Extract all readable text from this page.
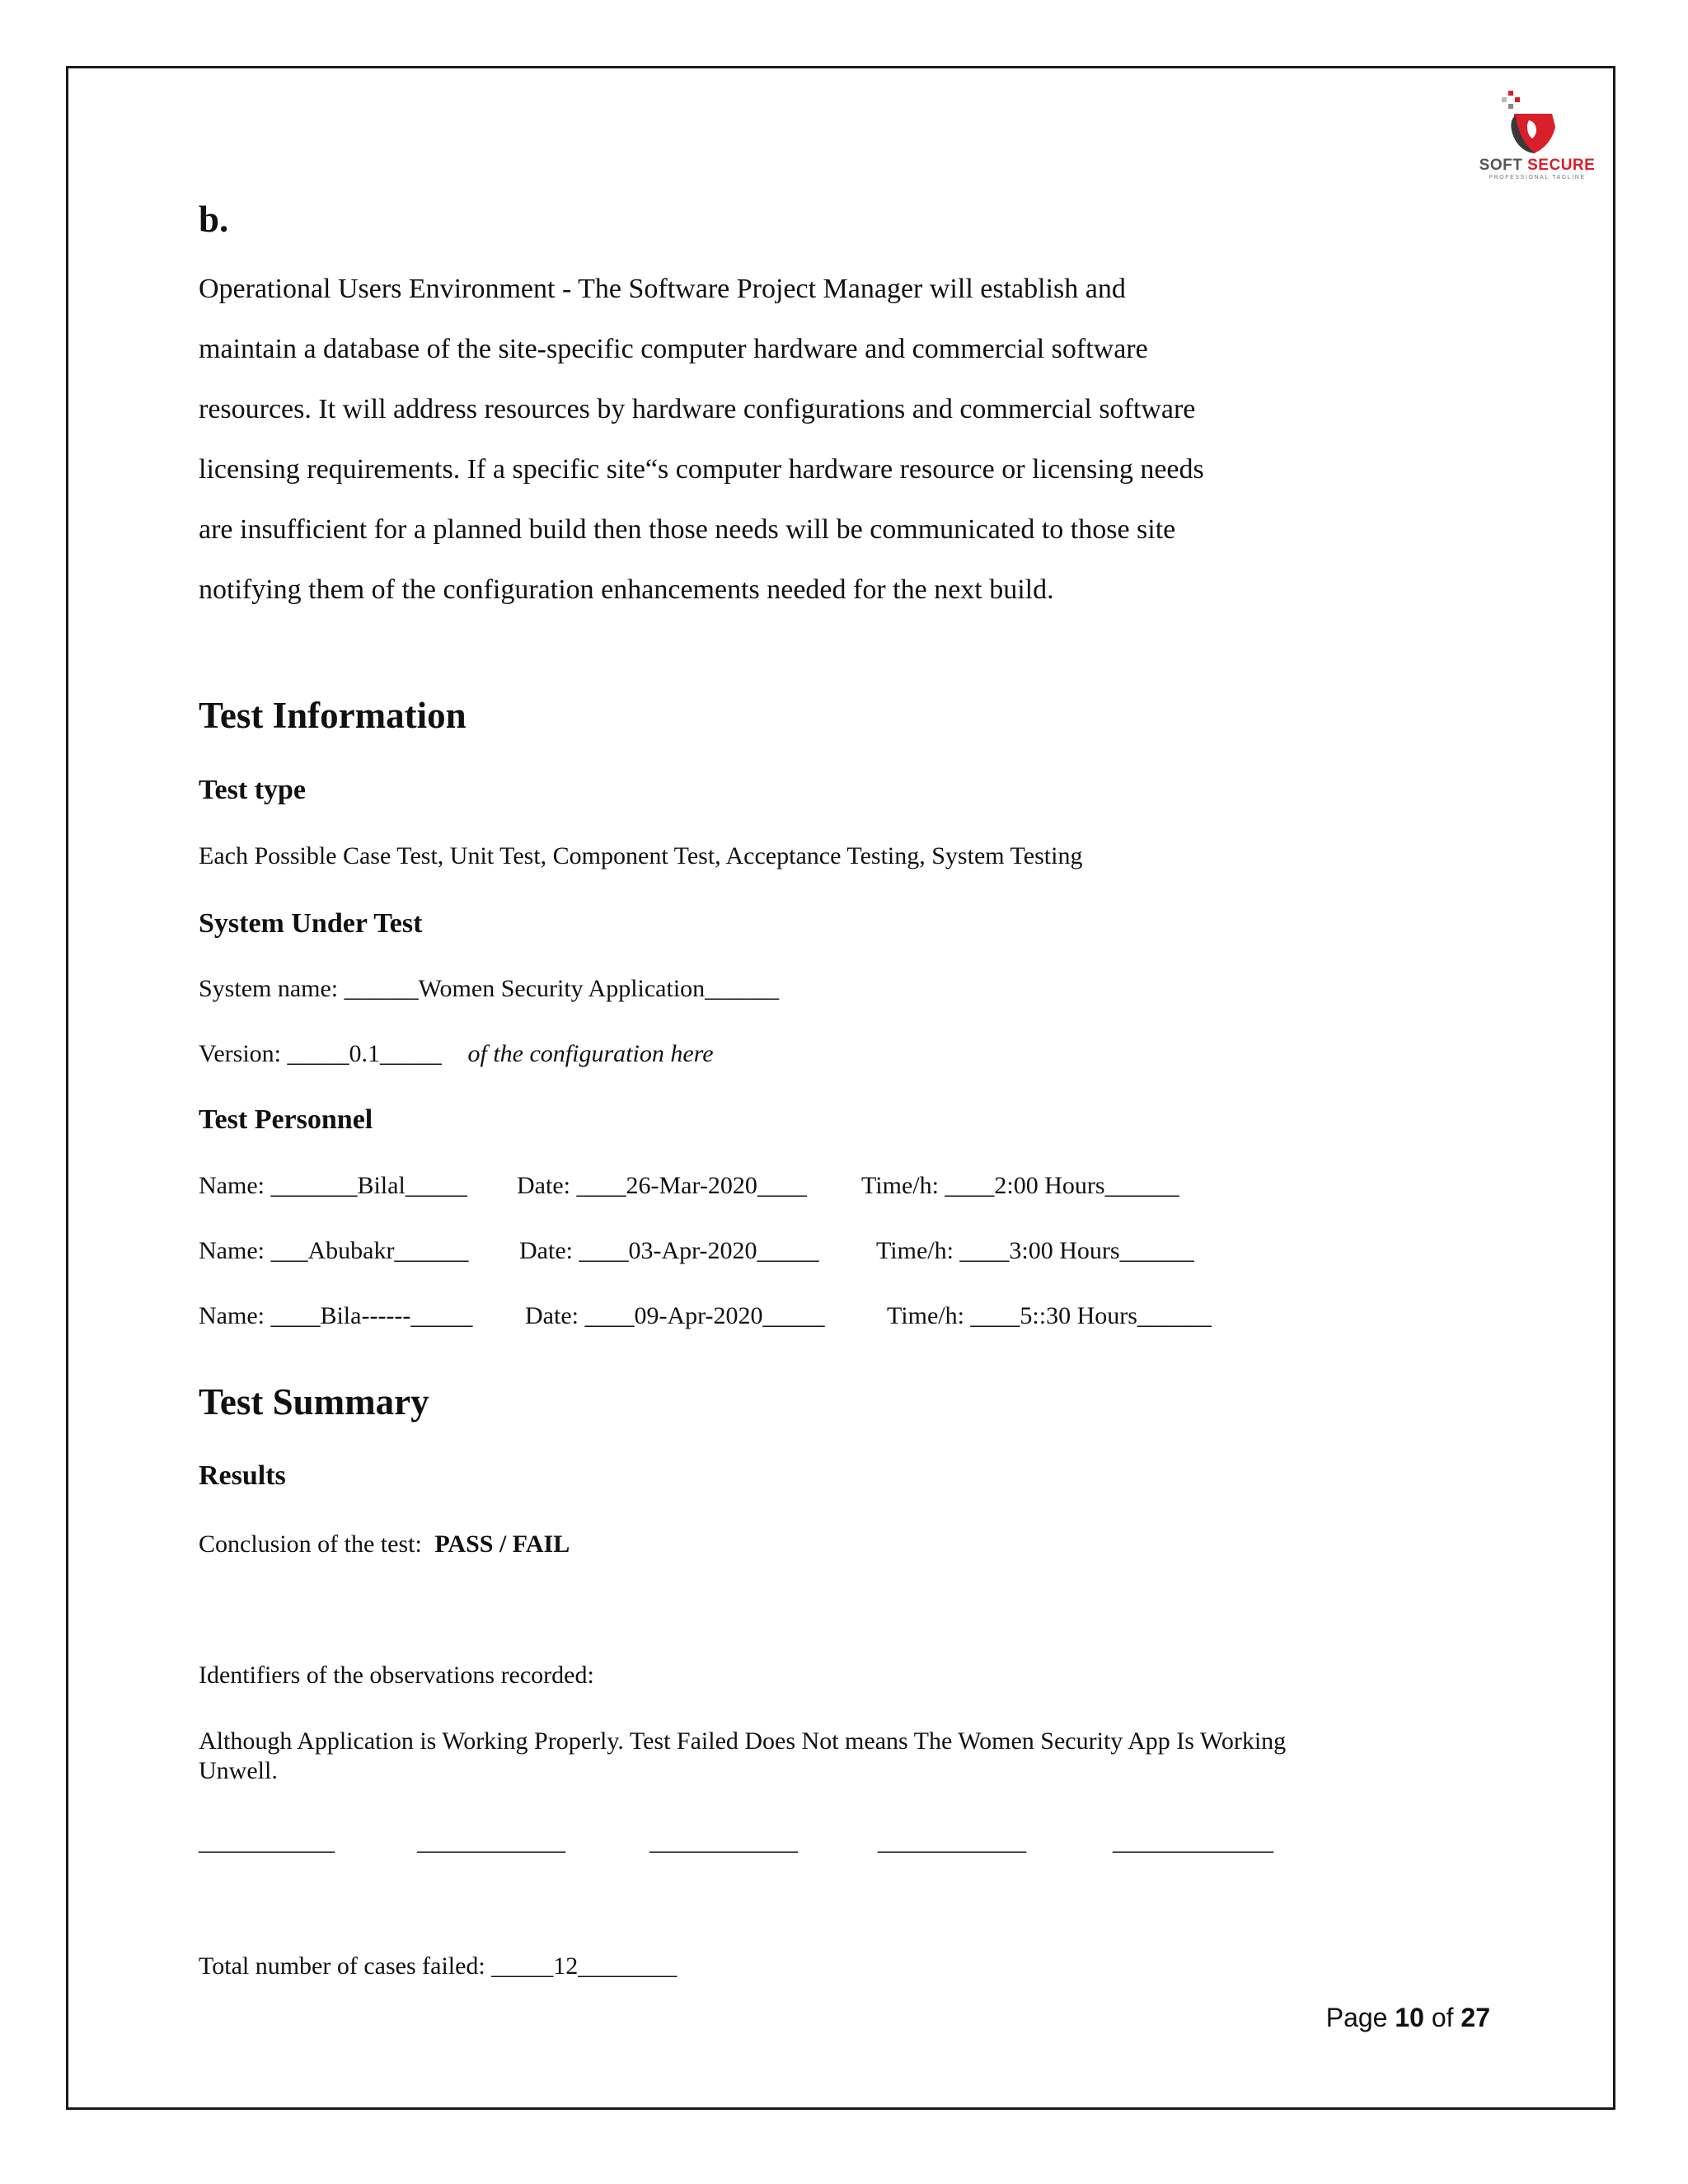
SOFT SECURE
PROFESSIONAL TAGLINE
b.
Operational Users Environment - The Software Project Manager will establish and
maintain a database of the site-specific computer hardware and commercial software
resources. It will address resources by hardware configurations and commercial software
licensing requirements. If a specific site“s computer hardware resource or licensing needs
are insufficient for a planned build then those needs will be communicated to those site
notifying them of the configuration enhancements needed for the next build.
Test Information
Test type
Each Possible Case Test, Unit Test, Component Test, Acceptance Testing, System Testing
System Under Test
System name: ______Women Security Application______
Version: _____0.1_____ of the configuration here
Test Personnel
Name: _______Bilal_____ Date: ____26-Mar-2020____ Time/h: ____2:00 Hours______
Name: ___Abubakr______ Date: ____03-Apr-2020_____ Time/h: ____3:00 Hours______
Name: ____Bila------_____ Date: ____09-Apr-2020_____	Time/h: ____5::30 Hours______
Test Summary
Results
Conclusion of the test: PASS / FAIL
Identifiers of the observations recorded:
Although Application is Working Properly. Test Failed Does Not means The Women Security App Is Working
Unwell.
___________	____________	____________	____________	_____________
Total number of cases failed: _____12________
Page 10 of 27
